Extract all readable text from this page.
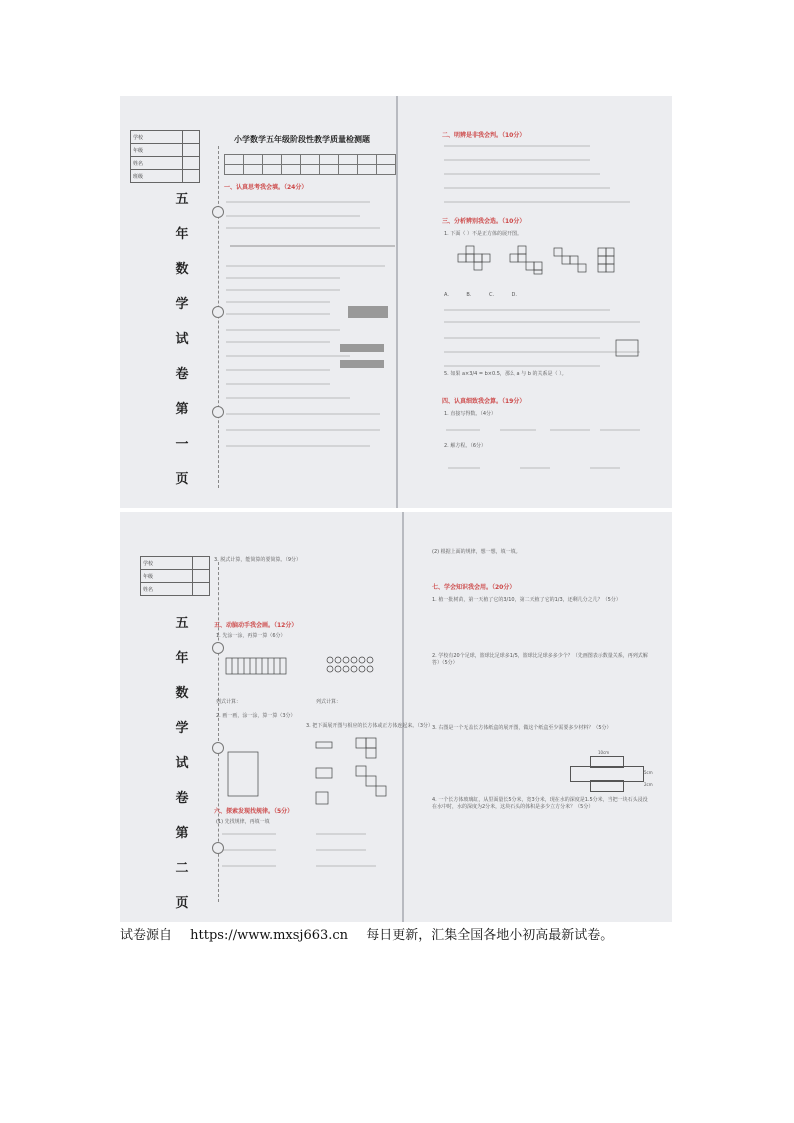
学校	
年级	
姓名	
班级	
五
年
数
学
试
卷
第
一
页
小学数学五年级阶段性教学质量检测题

一、认真思考我会填。（24分）
二、明辨是非我会判。（10分）
三、分析辨别我会选。（10分）
1. 下面（ ）不是正方体的展开图。
A.           B.           C.           D.
5. 如果 a×3/4 = b×0.5，那么 a 与 b 的关系是（ ）。
四、认真细致我会算。（19分）
1. 直接写得数。（4分）
2. 解方程。（6分）
学校	
年级	
姓名	
五
年
数
学
试
卷
第
二
页
3. 脱式计算，能简算的要简算。（9分）
五、动脑动手我会画。（12分）
1. 先涂一涂，再算一算（6分）
列式计算：	列式计算：
2. 画一画，涂一涂，算一算（3分）
3. 把下面展开图与相应的长方体或正方体连起来。（3分）
六、探索发现找规律。（5分）
(1) 先找规律，再填一填
(2) 根据上面的规律，想一想，填一填。
七、学会知识我会用。（20分）
1. 植一批树苗，第一天植了它的3/10，第二天植了它的1/3，还剩几分之几？（5分）
2. 学校有20个足球，篮球比足球多1/5，篮球比足球多多少个？（先画图表示数量关系，再列式解答）（5分）
3. 右图是一个无盖长方体纸盒的展开图，做这个纸盒至少需要多少材料？（5分）
10cm
5cm
2cm
4. 一个长方体玻璃缸，从里面量长5分米，宽3分米，现在水的深度是1.5分米，当把一块石头浸没在水中时，水的深度为2分米，这块石头的体积是多少立方分米？（5分）
试卷源自 https://www.mxsj663.cn 每日更新，汇集全国各地小初高最新试卷。
